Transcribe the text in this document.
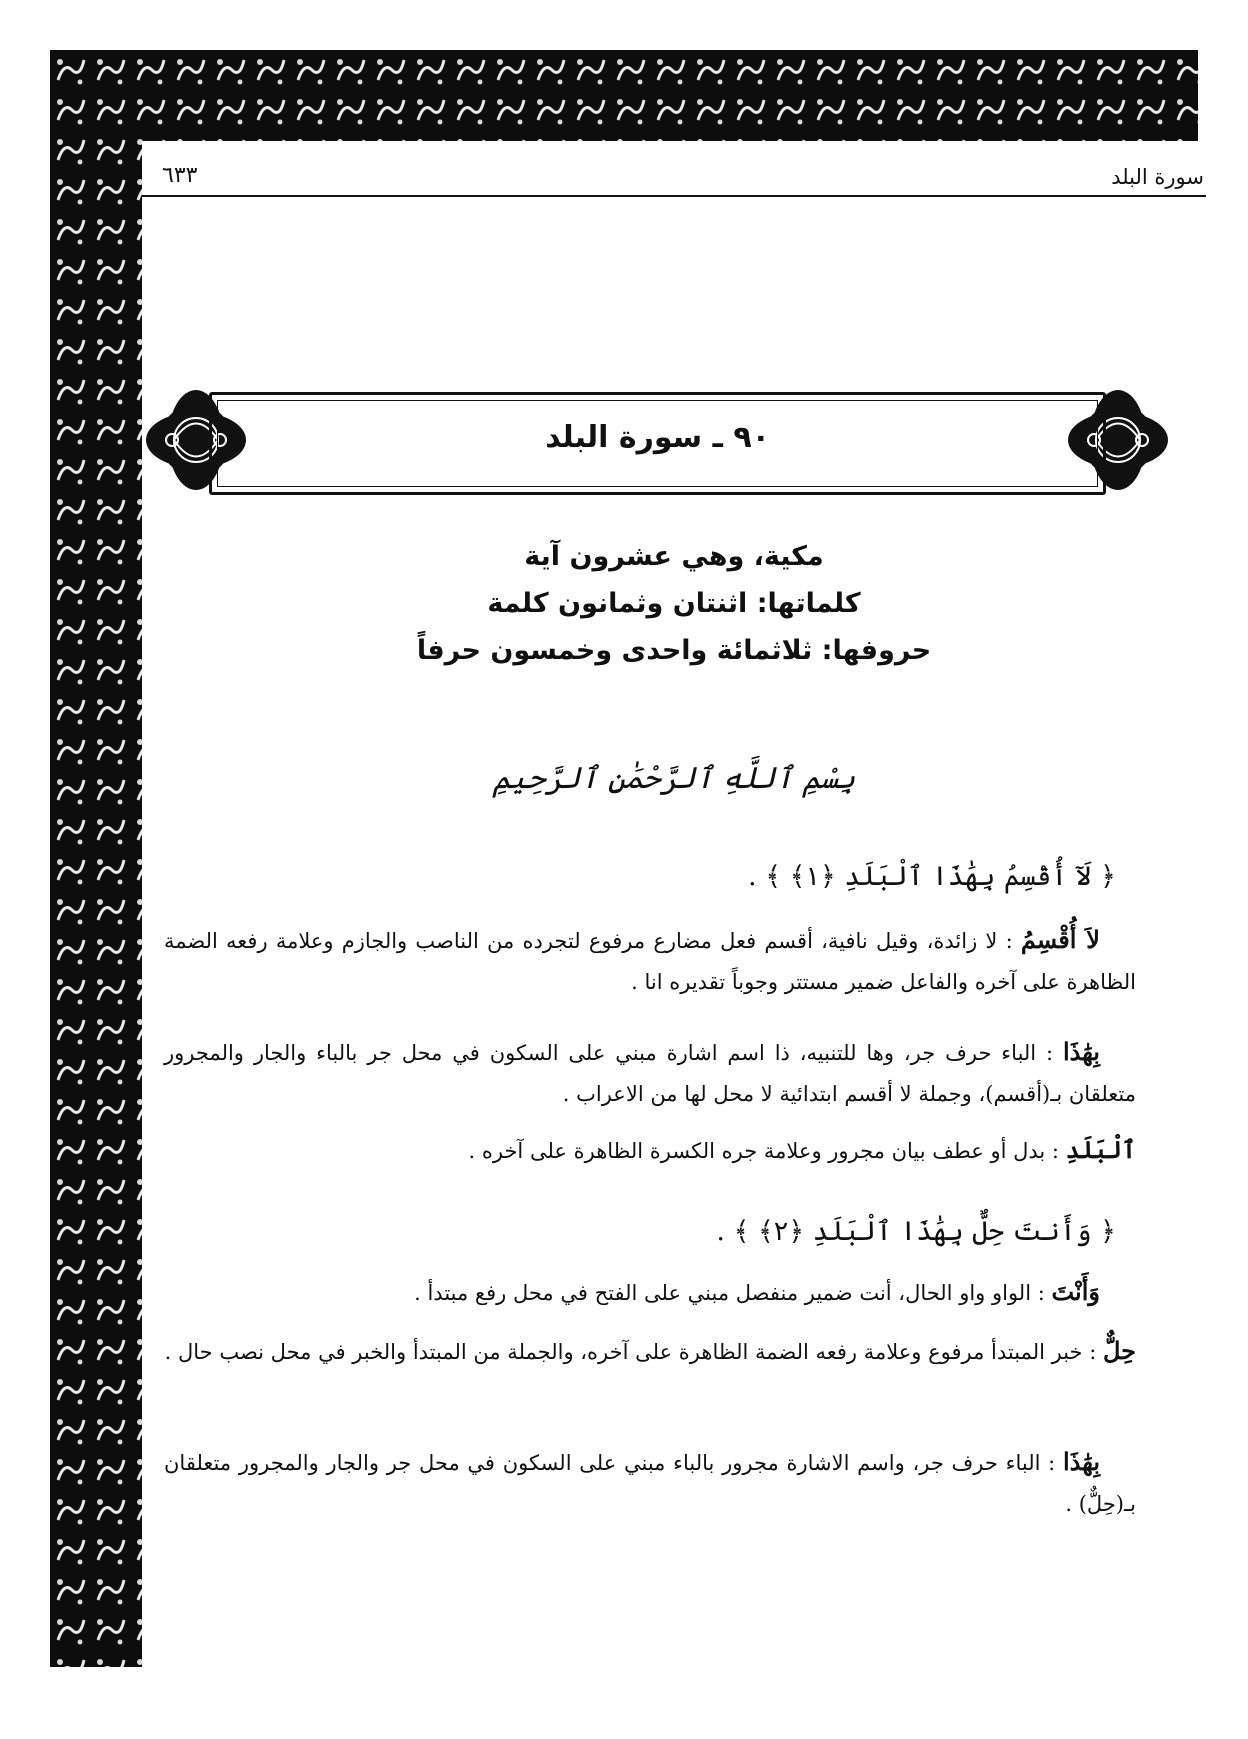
سورة البلد
٦٣٣
٩٠ ـ سورة البلد
مكية، وهي عشرون آية
كلماتها: اثنتان وثمانون كلمة
حروفها: ثلاثمائة واحدى وخمسون حرفاً
بِسْمِ ٱللَّهِ ٱلرَّحْمَٰنِ ٱلرَّحِيمِ
﴿ لَآ أُقْسِمُ بِهَٰذَا ٱلْبَلَدِ ﴿١﴾ ﴾ .
لاَ أُقْسِمُ : لا زائدة، وقيل نافية، أقسم فعل مضارع مرفوع لتجرده من الناصب والجازم وعلامة رفعه الضمة الظاهرة على آخره والفاعل ضمير مستتر وجوباً تقديره انا .
بِهَٰذَا : الباء حرف جر، وها للتنبيه، ذا اسم اشارة مبني على السكون في محل جر بالباء والجار والمجرور متعلقان بـ(أقسم)، وجملة لا أقسم ابتدائية لا محل لها من الاعراب .
ٱلْبَلَدِ : بدل أو عطف بيان مجرور وعلامة جره الكسرة الظاهرة على آخره .
﴿ وَأَنتَ حِلٌّ بِهَٰذَا ٱلْبَلَدِ ﴿٢﴾ ﴾ .
وَأَنْتَ : الواو واو الحال، أنت ضمير منفصل مبني على الفتح في محل رفع مبتدأ .
حِلٌّ : خبر المبتدأ مرفوع وعلامة رفعه الضمة الظاهرة على آخره، والجملة من المبتدأ والخبر في محل نصب حال .
بِهَٰذَا : الباء حرف جر، واسم الاشارة مجرور بالباء مبني على السكون في محل جر والجار والمجرور متعلقان بـ(حِلٌّ) .
